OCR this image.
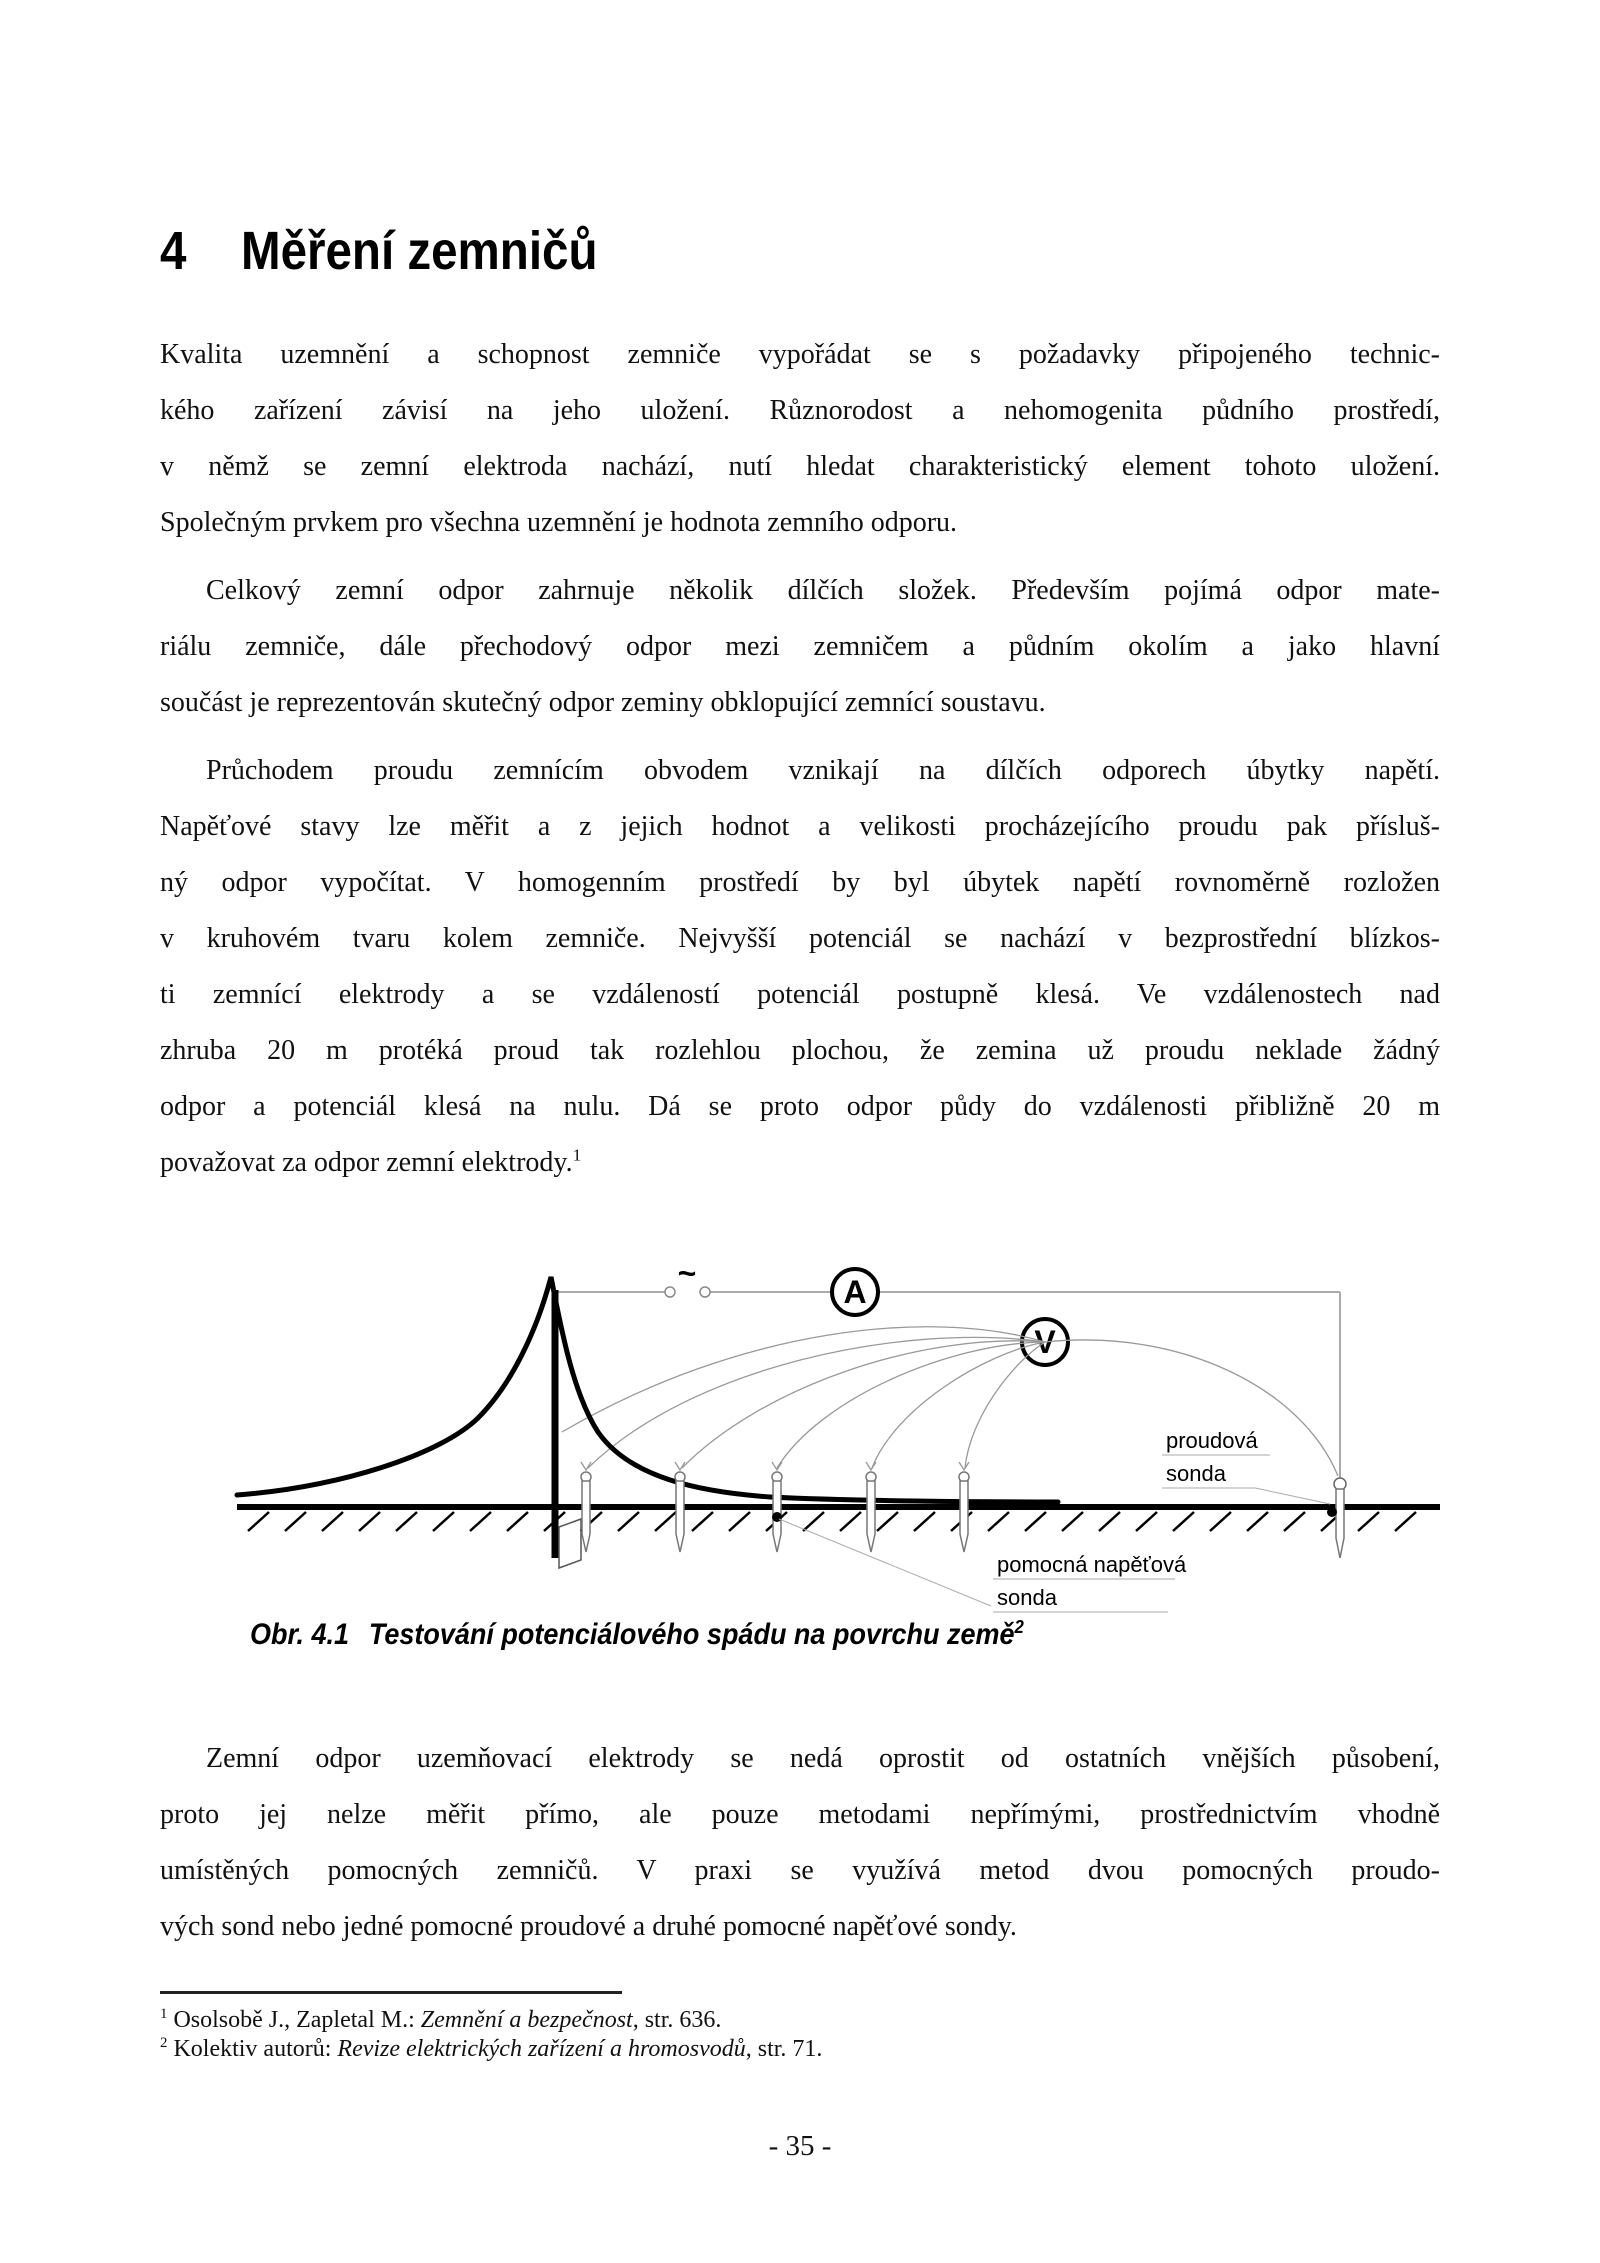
4 Měření zemničů
Kvalita uzemnění a schopnost zemniče vypořádat se s požadavky připojeného technic-
kého zařízení závisí na jeho uložení. Různorodost a nehomogenita půdního prostředí,
v němž se zemní elektroda nachází, nutí hledat charakteristický element tohoto uložení.
Společným prvkem pro všechna uzemnění je hodnota zemního odporu.
Celkový zemní odpor zahrnuje několik dílčích složek. Především pojímá odpor mate-
riálu zemniče, dále přechodový odpor mezi zemničem a půdním okolím a jako hlavní
součást je reprezentován skutečný odpor zeminy obklopující zemnící soustavu.
Průchodem proudu zemnícím obvodem vznikají na dílčích odporech úbytky napětí.
Napěťové stavy lze měřit a z jejich hodnot a velikosti procházejícího proudu pak přísluš-
ný odpor vypočítat. V homogenním prostředí by byl úbytek napětí rovnoměrně rozložen
v kruhovém tvaru kolem zemniče. Nejvyšší potenciál se nachází v bezprostřední blízkos-
ti zemnící elektrody a se vzdáleností potenciál postupně klesá. Ve vzdálenostech nad
zhruba 20 m protéká proud tak rozlehlou plochou, že zemina už proudu neklade žádný
odpor a potenciál klesá na nulu. Dá se proto odpor půdy do vzdálenosti přibližně 20 m
považovat za odpor zemní elektrody.$^1$
~
A
V
proudová
sonda
pomocná napěťová
sonda
Obr. 4.1 Testování potenciálového spádu na povrchu země$^2$
Zemní odpor uzemňovací elektrody se nedá oprostit od ostatních vnějších působení,
proto jej nelze měřit přímo, ale pouze metodami nepřímými, prostřednictvím vhodně
umístěných pomocných zemničů. V praxi se využívá metod dvou pomocných proudo-
vých sond nebo jedné pomocné proudové a druhé pomocné napěťové sondy.
$^1$ Osolsobě J., Zapletal M.: Zemnění a bezpečnost, str. 636.
$^2$ Kolektiv autorů: Revize elektrických zařízení a hromosvodů, str. 71.
- 35 -
